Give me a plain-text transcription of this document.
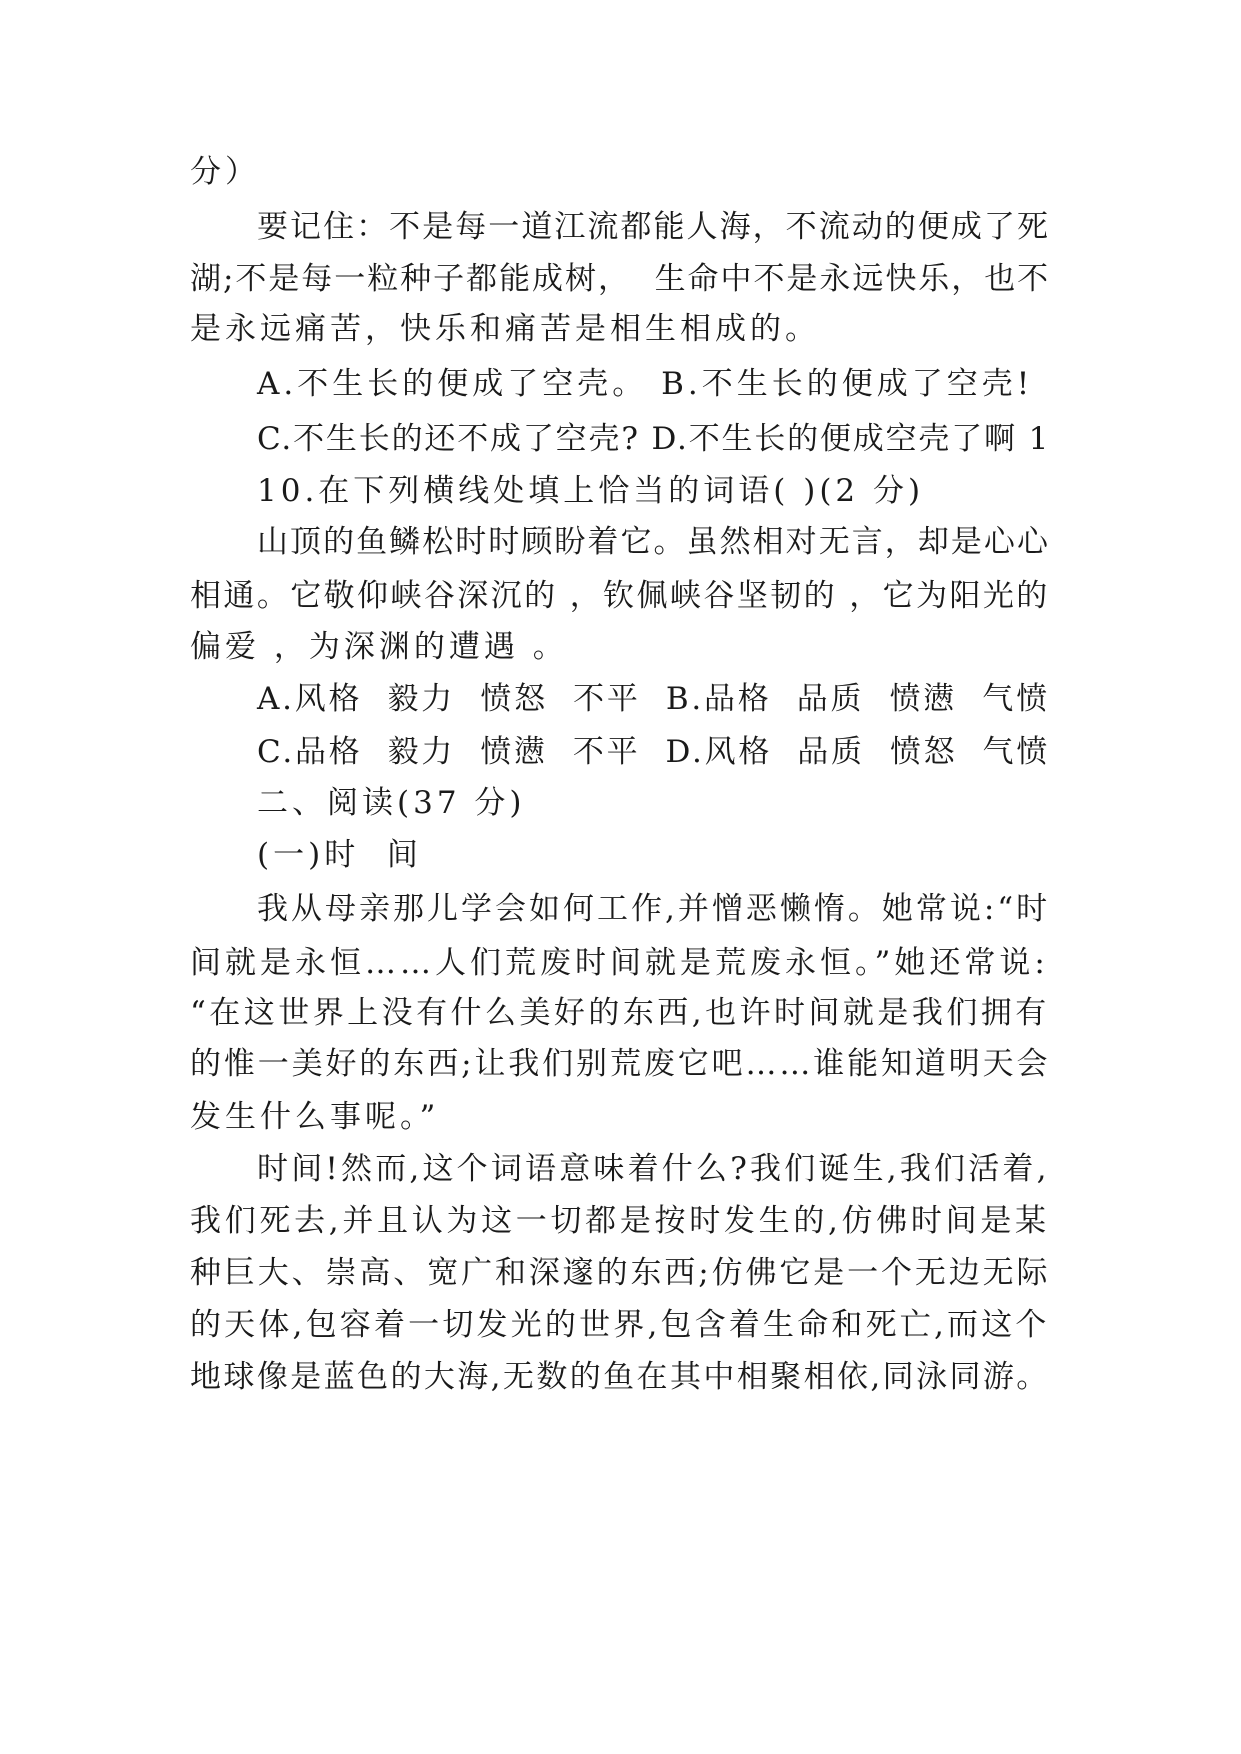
分）
要记住：不是每一道江流都能人海，不流动的便成了死
湖;不是每一粒种子都能成树，  生命中不是永远快乐，也不
是永远痛苦，快乐和痛苦是相生相成的。
A.不生长的便成了空壳。 B.不生长的便成了空壳!
C.不生长的还不成了空壳? D.不生长的便成空壳了啊 1
10.在下列横线处填上恰当的词语( )(2 分)
山顶的鱼鳞松时时顾盼着它。虽然相对无言，却是心心
相通。它敬仰峡谷深沉的 ，钦佩峡谷坚韧的 ，它为阳光的
偏爱 ，为深渊的遭遇 。
A.风格  毅力  愤怒  不平  B.品格  品质  愤懑  气愤
C.品格  毅力  愤懑  不平  D.风格  品质  愤怒  气愤
二、阅读(37 分)
(一)时  间
我从母亲那儿学会如何工作,并憎恶懒惰。她常说:“时
间就是永恒……人们荒废时间就是荒废永恒。”她还常说:
“在这世界上没有什么美好的东西,也许时间就是我们拥有
的惟一美好的东西;让我们别荒废它吧……谁能知道明天会
发生什么事呢。”
时间!然而,这个词语意味着什么?我们诞生,我们活着,
我们死去,并且认为这一切都是按时发生的,仿佛时间是某
种巨大、崇高、宽广和深邃的东西;仿佛它是一个无边无际
的天体,包容着一切发光的世界,包含着生命和死亡,而这个
地球像是蓝色的大海,无数的鱼在其中相聚相依,同泳同游。
